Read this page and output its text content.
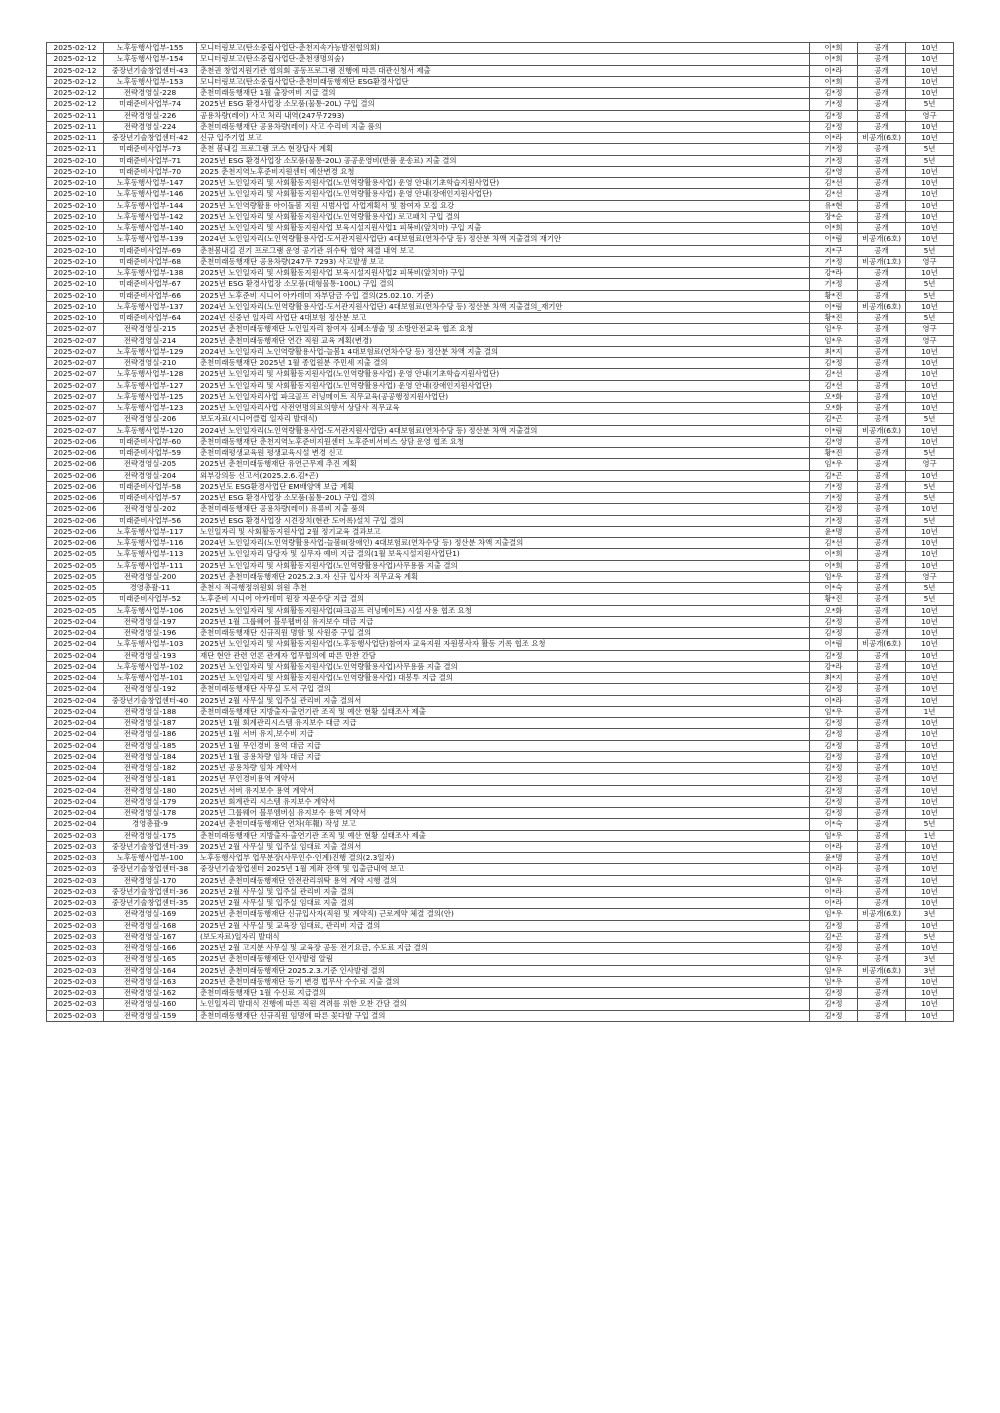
2025-02-12	노후동행사업부-155	모니터링보고(탄소중립사업단-춘천지속가능발전협의회)	이*희	공개	10년
2025-02-12	노후동행사업부-154	모니터링보고(탄소중립사업단-춘천생명의숲)	이*희	공개	10년
2025-02-12	중장년기술창업센터-43	춘천권 창업지원기관 협의회 공동프로그램 진행에 따른 대관신청서 제출	이*라	공개	10년
2025-02-12	노후동행사업부-153	모니터링보고(탄소중립사업단-춘천미래동행재단 ESG환경사업단	이*희	공개	10년
2025-02-12	전략경영실-228	춘천미래동행재단 1월 출장여비 지급 결의	김*정	공개	10년
2025-02-12	미래준비사업부-74	2025년 ESG 환경사업장 소모품(물통-20L) 구입 결의	기*정	공개	5년
2025-02-11	전략경영실-226	공용차량(레이) 사고 처리 내역(247무7293)	김*정	공개	영구
2025-02-11	전략경영실-224	춘천미래동행재단 공용차량(레이) 사고 수리비 지출 품의	김*정	공개	10년
2025-02-11	중장년기술창업센터-42	신규 입주기업 보고	이*라	비공개(6호)	10년
2025-02-11	미래준비사업부-73	춘천 봄내길 프로그램 코스 현장답사 계획	기*정	공개	5년
2025-02-10	미래준비사업부-71	2025년 ESG 환경사업장 소모품(물통-20L) 공공운영비(반품 운송료) 지출 결의	기*정	공개	5년
2025-02-10	미래준비사업부-70	2025 춘천지역노후준비지원센터 예산변경 요청	김*영	공개	10년
2025-02-10	노후동행사업부-147	2025년 노인일자리 및 사회활동지원사업(노인역량활용사업) 운영 안내(기초학습지원사업단)	김*선	공개	10년
2025-02-10	노후동행사업부-146	2025년 노인일자리 및 사회활동지원사업(노인역량활용사업) 운영 안내(장애인지원사업단)	김*선	공개	10년
2025-02-10	노후동행사업부-144	2025년 노인역량활용 아이돌봄 지원 시범사업 사업계획서 및 참여자 모집 요강	유*현	공개	10년
2025-02-10	노후동행사업부-142	2025년 노인일자리 및 사회활동지원사업(노인역량활용사업) 로고패치 구입 결의	장*순	공개	10년
2025-02-10	노후동행사업부-140	2025년 노인일자리 및 사회활동지원사업 보육시설지원사업1 피복비(앞치마) 구입 지출	이*희	공개	10년
2025-02-10	노후동행사업부-139	2024년 노인일자리(노인역량활용사업-도서관지원사업단) 4대보험료(연차수당 등) 정산분 차액 지출결의 재기안	이*림	비공개(6호)	10년
2025-02-10	미래준비사업부-69	춘천봄내길 걷기 프로그램 운영 공기관 위수탁 협약 체결 내역 보고	지*구	공개	5년
2025-02-10	미래준비사업부-68	춘천미래동행재단 공용차량(247무 7293) 사고발생 보고	기*정	비공개(1호)	영구
2025-02-10	노후동행사업부-138	2025년 노인일자리 및 사회활동지원사업 보육시설지원사업2 피복비(앞치마) 구입	강*라	공개	10년
2025-02-10	미래준비사업부-67	2025년 ESG 환경사업장 소모품(대형물통-100L) 구입 결의	기*정	공개	5년
2025-02-10	미래준비사업부-66	2025년 노후준비 시니어 아카데미 자부담금 수입 결의(25.02.10. 기준)	황*진	공개	5년
2025-02-10	노후동행사업부-137	2024년 노인일자리(노인역량활용사업-도서관지원사업단) 4대보험료(연차수당 등) 정산분 차액 지출결의_재기안	이*림	비공개(6호)	10년
2025-02-10	미래준비사업부-64	2024년 신중년 일자리 사업단 4대보험 정산분 보고	황*진	공개	5년
2025-02-07	전략경영실-215	2025년 춘천미래동행재단 노인일자리 참여자 심폐소생술 및 소방안전교육 협조 요청	임*우	공개	영구
2025-02-07	전략경영실-214	2025년 춘천미래동행재단 연간 직원 교육 계획(변경)	임*우	공개	영구
2025-02-07	노후동행사업부-129	2024년 노인일자리 노인역량활용사업-늘봄1 4대보험료(연차수당 등) 정산분 차액 지출 결의	최*지	공개	10년
2025-02-07	전략경영실-210	춘천미래동행재단 2025년 1월 종업원분 주민세 지출 결의	김*정	공개	10년
2025-02-07	노후동행사업부-128	2025년 노인일자리 및 사회활동지원사업(노인역량활용사업) 운영 안내(기초학습지원사업단)	김*선	공개	10년
2025-02-07	노후동행사업부-127	2025년 노인일자리 및 사회활동지원사업(노인역량활용사업) 운영 안내(장애인지원사업단)	김*선	공개	10년
2025-02-07	노후동행사업부-125	2025년 노인일자리사업 파크골프 러닝메이트 직무교육(공공행정지원사업단)	오*화	공개	10년
2025-02-07	노후동행사업부-123	2025년 노인일자리사업 사전연명의료의향서 상담사 직무교육	오*화	공개	10년
2025-02-07	전략경영실-206	보도자료(시니어클럽 일자리 발대식)	김*곤	공개	5년
2025-02-07	노후동행사업부-120	2024년 노인일자리(노인역량활용사업-도서관지원사업단) 4대보험료(연차수당 등) 정산분 차액 지출결의	이*림	비공개(6호)	10년
2025-02-06	미래준비사업부-60	춘천미래동행재단 춘천지역노후준비지원센터 노후준비서비스 상담 운영 협조 요청	김*영	공개	10년
2025-02-06	미래준비사업부-59	춘천미래평생교육원 평생교육시설 변경 신고	황*진	공개	5년
2025-02-06	전략경영실-205	2025년 춘천미래동행재단 유연근무제 추진 계획	임*우	공개	영구
2025-02-06	전략경영실-204	외부강의등 신고서(2025.2.6.김*곤)	김*곤	공개	10년
2025-02-06	미래준비사업부-58	2025년도 ESG환경사업단 EM배양액 보급 계획	기*정	공개	5년
2025-02-06	미래준비사업부-57	2025년 ESG 환경사업장 소모품(물통-20L) 구입 결의	기*정	공개	5년
2025-02-06	전략경영실-202	춘천미래동행재단 공용차량(레이) 유류비 지출 품의	김*정	공개	10년
2025-02-06	미래준비사업부-56	2025년 ESG 환경사업장 시견장치(현관 도어록)설치 구입 결의	기*정	공개	5년
2025-02-06	노후동행사업부-117	노인일자리 및 사회활동지원사업 2월 정기교육 결과보고	윤*명	공개	10년
2025-02-06	노후동행사업부-116	2024년 노인일자리(노인역량활용사업-늘봄II(장애인) 4대보험료(연차수당 등) 정산분 차액 지출결의	김*선	공개	10년
2025-02-05	노후동행사업부-113	2025년 노인일자리 담당자 및 실무자 예비 지급 결의(1월 보육시설지원사업단1)	이*희	공개	10년
2025-02-05	노후동행사업부-111	2025년 노인일자리 및 사회활동지원사업(노인역량활용사업)사무용품 지출 결의	이*희	공개	10년
2025-02-05	전략경영실-200	2025년 춘천미래동행재단 2025.2.3.자 신규 입사자 직무교육 계획	임*우	공개	영구
2025-02-05	경영총괄-11	춘천시 적극행정위원회 위원 추천	이*숙	공개	5년
2025-02-05	미래준비사업부-52	노후준비 시니어 아카데미 원장 자문수당 지급 결의	황*진	공개	5년
2025-02-05	노후동행사업부-106	2025년 노인일자리 및 사회활동지원사업(파크골프 러닝메이트) 시설 사용 협조 요청	오*화	공개	10년
2025-02-04	전략경영실-197	2025년 1월 그룹웨어 블루웹버심 유지보수 대금 지급	김*정	공개	10년
2025-02-04	전략경영실-196	춘천미래동행재단 신규직원 명함 및 사원증 구입 결의	김*정	공개	10년
2025-02-04	노후동행사업부-103	2025년 노인일자리 및 사회활동지원사업(노후동행사업단)참여자 교육지원 자원봉사자 활동 기록 협조 요청	이*림	비공개(6호)	10년
2025-02-04	전략경영실-193	재단 현안 관련 언론 관계자 업무협의에 따른 만찬 간담	김*정	공개	10년
2025-02-04	노후동행사업부-102	2025년 노인일자리 및 사회활동지원사업(노인역량활용사업)사무용품 지출 결의	강*라	공개	10년
2025-02-04	노후동행사업부-101	2025년 노인일자리 및 사회활동지원사업(노인역량활용사업) 대봉투 지급 결의	최*지	공개	10년
2025-02-04	전략경영실-192	춘천미래동행재단 사무실 도서 구입 결의	김*정	공개	10년
2025-02-04	중장년기술창업센터-40	2025년 2월 사무실 및 입주실 관리비 지출 결의서	이*라	공개	10년
2025-02-04	전략경영실-188	춘천미래동행재단 지방출자·출연기관 조직 및 예산 현황 실태조사 제출	임*우	공개	1년
2025-02-04	전략경영실-187	2025년 1월 회계관리시스템 유지보수 대금 지급	김*정	공개	10년
2025-02-04	전략경영실-186	2025년 1월 서버 유지,보수비 지급	김*정	공개	10년
2025-02-04	전략경영실-185	2025년 1월 무인경비 용역 대금 지급	김*정	공개	10년
2025-02-04	전략경영실-184	2025년 1월 공용차량 임차 대금 지급	김*정	공개	10년
2025-02-04	전략경영실-182	2025년 공용차량 임차 계약서	김*정	공개	10년
2025-02-04	전략경영실-181	2025년 무인경비용역 계약서	김*정	공개	10년
2025-02-04	전략경영실-180	2025년 서버 유지보수 용역 계약서	김*정	공개	10년
2025-02-04	전략경영실-179	2025년 회계관리 시스템 유지보수 계약서	김*정	공개	10년
2025-02-04	전략경영실-178	2025년 그룹웨어 블루엠버심 유지보수 용역 계약서	김*정	공개	10년
2025-02-04	경영총괄-9	2024년 춘천미래동행재단 연차(年報) 작성 보고	이*숙	공개	5년
2025-02-03	전략경영실-175	춘천미래동행재단 지방출자·출연기관 조직 및 예산 현황 실태조사 제출	임*우	공개	1년
2025-02-03	중장년기술창업센터-39	2025년 2월 사무실 및 입주실 임대료 지출 결의서	이*라	공개	10년
2025-02-03	노후동행사업부-100	노후동행사업부 업무분장(사무인수·인계)진행 결의(2.3일자)	윤*명	공개	10년
2025-02-03	중장년기술창업센터-38	중장년기술창업센터 2025년 1월 계좌 잔액 및 입출금내역 보고	이*라	공개	10년
2025-02-03	전략경영실-170	2025년 춘천미래동행재단 안전관리위탁 용역 계약 시행 결의	임*우	공개	10년
2025-02-03	중장년기술창업센터-36	2025년 2월 사무실 및 입주실 관리비 지출 결의	이*라	공개	10년
2025-02-03	중장년기술창업센터-35	2025년 2월 사무실 및 입주실 임대료 지출 결의	이*라	공개	10년
2025-02-03	전략경영실-169	2025년 춘천미래동행재단 신규입사자(직원 및 계약직) 근로계약 체결 결의(안)	임*우	비공개(6호)	3년
2025-02-03	전략경영실-168	2025년 2월 사무실 및 교육장 임대료, 관리비 지급 결의	김*정	공개	10년
2025-02-03	전략경영실-167	(보도자료)일자리 발대식	김*곤	공개	5년
2025-02-03	전략경영실-166	2025년 2월 고지분 사무실 및 교육장 공동 전기요금, 수도료 지급 결의	김*정	공개	10년
2025-02-03	전략경영실-165	2025년 춘천미래동행재단 인사발령 알림	임*우	공개	3년
2025-02-03	전략경영실-164	2025년 춘천미래동행재단 2025.2.3.기준 인사발령 결의	임*우	비공개(6호)	3년
2025-02-03	전략경영실-163	2025년 춘천미래동행재단 등기 변경 법무사 수수료 지출 결의	임*우	공개	10년
2025-02-03	전략경영실-162	춘천미래동행재단 1월 수신료 지급결의	김*정	공개	10년
2025-02-03	전략경영실-160	노인일자리 발대식 진행에 따른 직원 격려를 위한 오찬 간담 결의	김*정	공개	10년
2025-02-03	전략경영실-159	춘천미래동행재단 신규직원 임명에 따른 꽃다발 구입 결의	김*정	공개	10년
